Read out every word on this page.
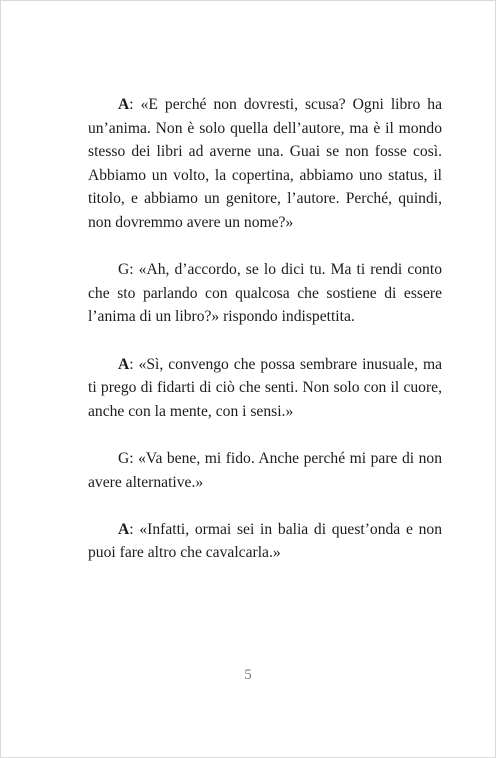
A: «E perché non dovresti, scusa? Ogni libro ha un’anima. Non è solo quella dell’autore, ma è il mondo stesso dei libri ad averne una. Guai se non fosse così. Abbiamo un volto, la copertina, abbiamo uno status, il titolo, e abbiamo un genitore, l’autore. Perché, quindi, non dovremmo avere un nome?»

G: «Ah, d’accordo, se lo dici tu. Ma ti rendi conto che sto parlando con qualcosa che sostiene di essere l’anima di un libro?» rispondo indispettita.

A: «Sì, convengo che possa sembrare inusuale, ma ti prego di fidarti di ciò che senti. Non solo con il cuore, anche con la mente, con i sensi.»

G: «Va bene, mi fido. Anche perché mi pare di non avere alternative.»

A: «Infatti, ormai sei in balia di quest’onda e non puoi fare altro che cavalcarla.»

5
